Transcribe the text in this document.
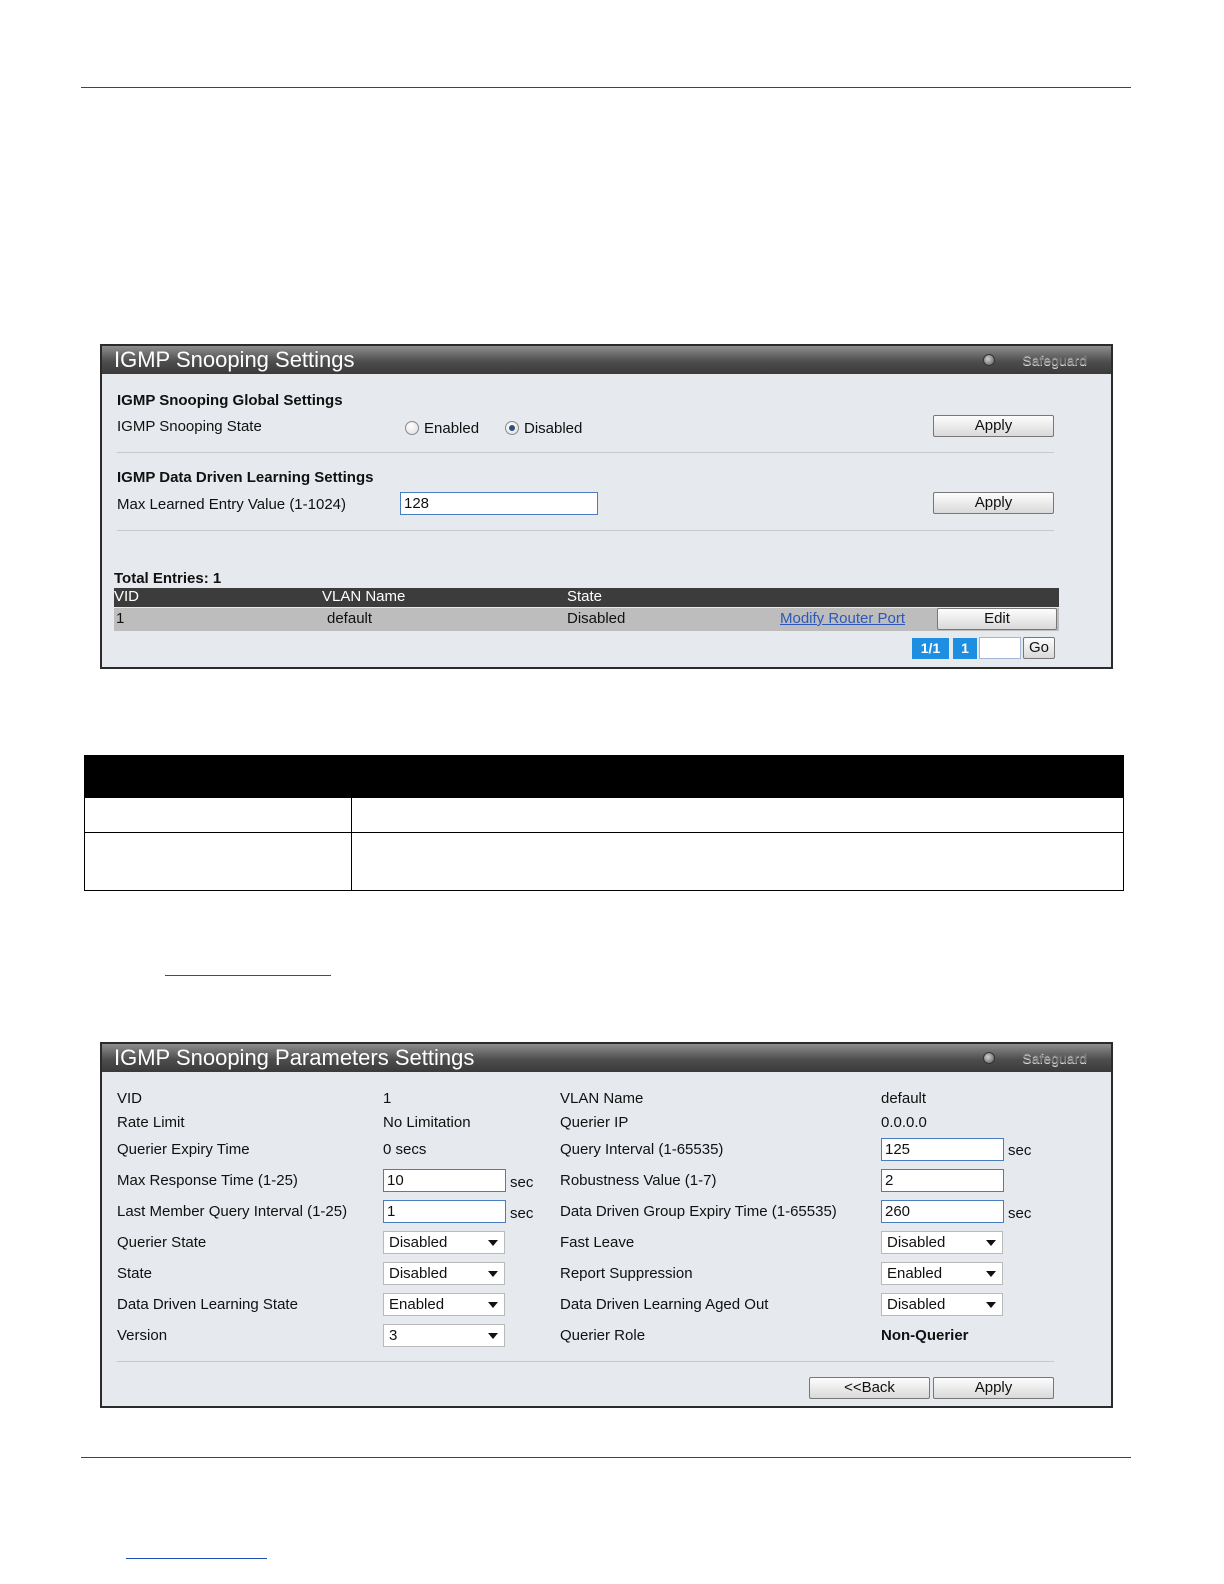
IGMP Snooping Settings	Safeguard
IGMP Snooping Global Settings
IGMP Snooping State	Enabled	Disabled	Apply
IGMP Data Driven Learning Settings
Max Learned Entry Value (1-1024)	128	Apply
Total Entries: 1
VID	VLAN Name	State
1	default	Disabled	Modify Router Port	Edit
1/1	1	Go

IGMP Snooping Parameters Settings	Safeguard
VID	1	VLAN Name	default
Rate Limit	No Limitation	Querier IP	0.0.0.0
Querier Expiry Time	0 secs	Query Interval (1-65535)	125	sec
Max Response Time (1-25)	10	sec Robustness Value (1-7)	2
Last Member Query Interval (1-25)	1	sec Data Driven Group Expiry Time (1-65535)	260	sec
Querier State	Disabled	Fast Leave	Disabled
State	Disabled	Report Suppression	Enabled
Data Driven Learning State	Enabled	Data Driven Learning Aged Out	Disabled
Version	3	Querier Role	Non-Querier
<<Back	Apply
